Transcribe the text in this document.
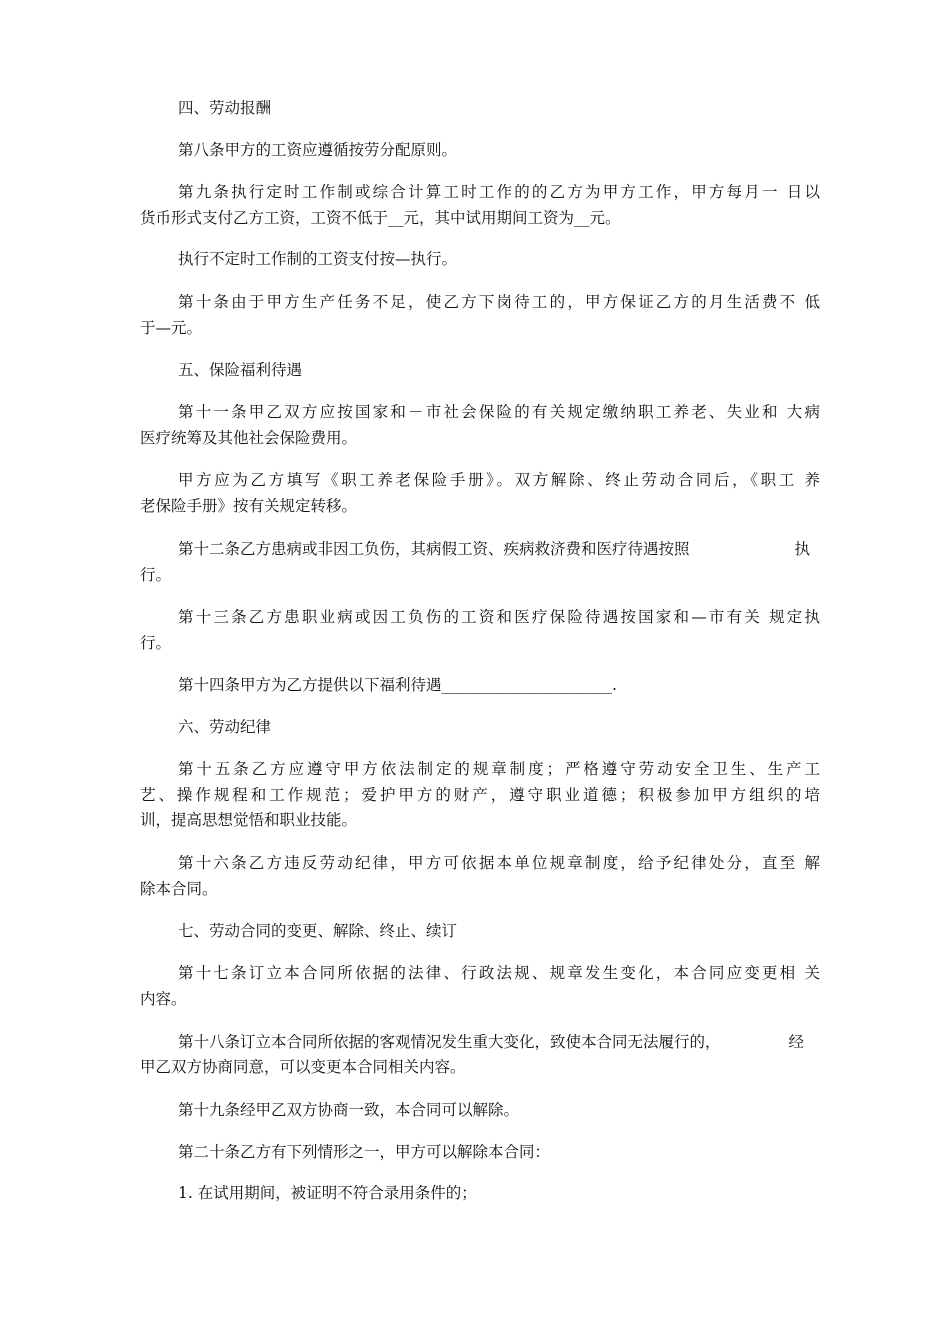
四、劳动报酬
第八条甲方的工资应遵循按劳分配原则。
第九条执行定时工作制或综合计算工时工作的的乙方为甲方工作，甲方每月一 日以
货币形式支付乙方工资，工资不低于__元，其中试用期间工资为__元。
执行不定时工作制的工资支付按—执行。
第十条由于甲方生产任务不足，使乙方下岗待工的，甲方保证乙方的月生活费不 低
于—元。
五、保险福利待遇
第十一条甲乙双方应按国家和－市社会保险的有关规定缴纳职工养老、失业和 大病
医疗统筹及其他社会保险费用。
甲方应为乙方填写《职工养老保险手册》。双方解除、终止劳动合同后，《职工 养
老保险手册》按有关规定转移。
第十二条乙方患病或非因工负伤，其病假工资、疾病救济费和医疗待遇按照	执
行。
第十三条乙方患职业病或因工负伤的工资和医疗保险待遇按国家和—市有关 规定执
行。
第十四条甲方为乙方提供以下福利待遇______________________.
六、劳动纪律
第十五条乙方应遵守甲方依法制定的规章制度；严格遵守劳动安全卫生、生产工
艺、操作规程和工作规范；爱护甲方的财产，遵守职业道德；积极参加甲方组织的培
训，提高思想觉悟和职业技能。
第十六条乙方违反劳动纪律，甲方可依据本单位规章制度，给予纪律处分，直至 解
除本合同。
七、劳动合同的变更、解除、终止、续订
第十七条订立本合同所依据的法律、行政法规、规章发生变化，本合同应变更相 关
内容。
第十八条订立本合同所依据的客观情况发生重大变化，致使本合同无法履行的，	经
甲乙双方协商同意，可以变更本合同相关内容。
第十九条经甲乙双方协商一致，本合同可以解除。
第二十条乙方有下列情形之一，甲方可以解除本合同：
1. 在试用期间，被证明不符合录用条件的；
